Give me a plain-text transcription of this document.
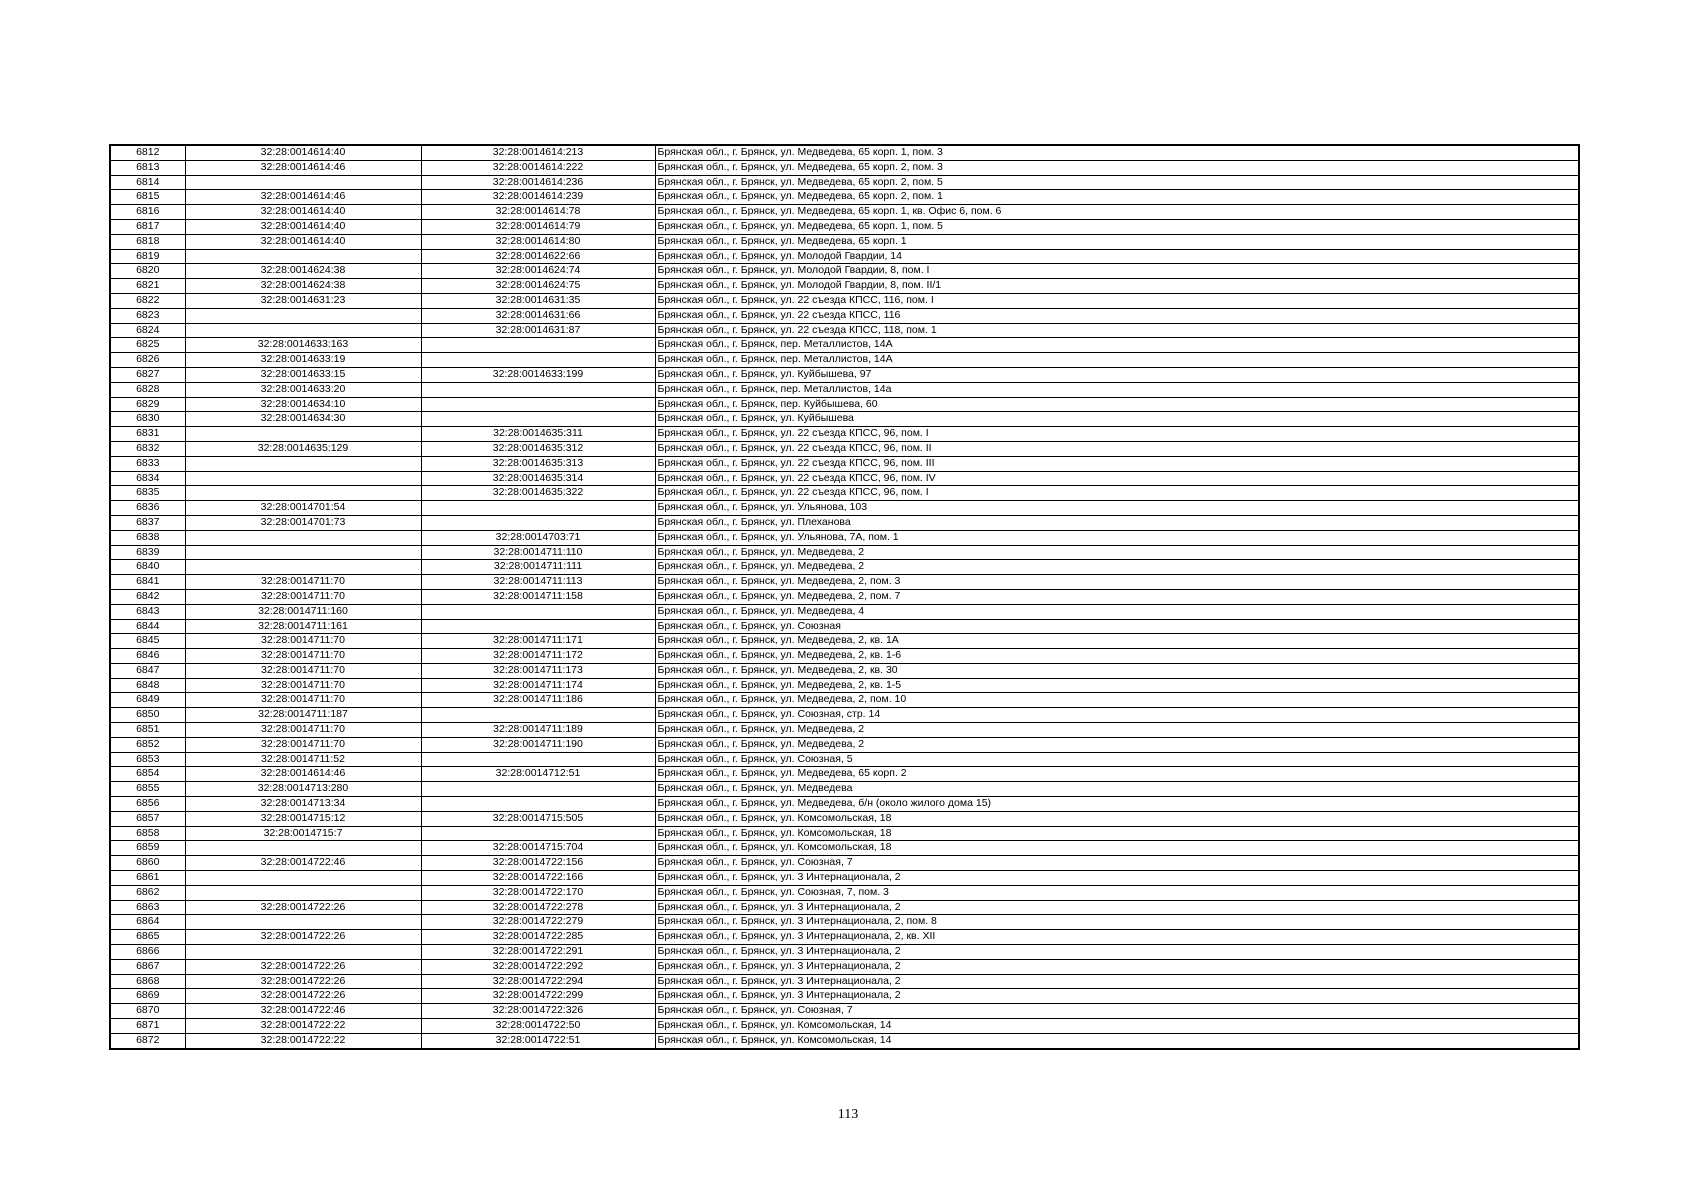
6812	32:28:0014614:40	32:28:0014614:213	Брянская обл., г. Брянск, ул. Медведева, 65 корп. 1, пом. 3
6813	32:28:0014614:46	32:28:0014614:222	Брянская обл., г. Брянск, ул. Медведева, 65 корп. 2, пом. 3
6814		32:28:0014614:236	Брянская обл., г. Брянск, ул. Медведева, 65 корп. 2, пом. 5
6815	32:28:0014614:46	32:28:0014614:239	Брянская обл., г. Брянск, ул. Медведева, 65 корп. 2, пом. 1
6816	32:28:0014614:40	32:28:0014614:78	Брянская обл., г. Брянск, ул. Медведева, 65 корп. 1, кв. Офис 6, пом. 6
6817	32:28:0014614:40	32:28:0014614:79	Брянская обл., г. Брянск, ул. Медведева, 65 корп. 1, пом. 5
6818	32:28:0014614:40	32:28:0014614:80	Брянская обл., г. Брянск, ул. Медведева, 65 корп. 1
6819		32:28:0014622:66	Брянская обл., г. Брянск, ул. Молодой Гвардии, 14
6820	32:28:0014624:38	32:28:0014624:74	Брянская обл., г. Брянск, ул. Молодой Гвардии, 8, пом. I
6821	32:28:0014624:38	32:28:0014624:75	Брянская обл., г. Брянск, ул. Молодой Гвардии, 8, пом. II/1
6822	32:28:0014631:23	32:28:0014631:35	Брянская обл., г. Брянск, ул. 22 съезда КПСС, 116, пом. I
6823		32:28:0014631:66	Брянская обл., г. Брянск, ул. 22 съезда КПСС, 116
6824		32:28:0014631:87	Брянская обл., г. Брянск, ул. 22 съезда КПСС, 118, пом. 1
6825	32:28:0014633:163		Брянская обл., г. Брянск, пер. Металлистов, 14А
6826	32:28:0014633:19		Брянская обл., г. Брянск, пер. Металлистов, 14А
6827	32:28:0014633:15	32:28:0014633:199	Брянская обл., г. Брянск, ул. Куйбышева, 97
6828	32:28:0014633:20		Брянская обл., г. Брянск, пер. Металлистов, 14а
6829	32:28:0014634:10		Брянская обл., г. Брянск, пер. Куйбышева, 60
6830	32:28:0014634:30		Брянская обл., г. Брянск, ул. Куйбышева
6831		32:28:0014635:311	Брянская обл., г. Брянск, ул. 22 съезда КПСС, 96, пом. I
6832	32:28:0014635:129	32:28:0014635:312	Брянская обл., г. Брянск, ул. 22 съезда КПСС, 96, пом. II
6833		32:28:0014635:313	Брянская обл., г. Брянск, ул. 22 съезда КПСС, 96, пом. III
6834		32:28:0014635:314	Брянская обл., г. Брянск, ул. 22 съезда КПСС, 96, пом. IV
6835		32:28:0014635:322	Брянская обл., г. Брянск, ул. 22 съезда КПСС, 96, пом. I
6836	32:28:0014701:54		Брянская обл., г. Брянск, ул. Ульянова, 103
6837	32:28:0014701:73		Брянская обл., г. Брянск, ул. Плеханова
6838		32:28:0014703:71	Брянская обл., г. Брянск, ул. Ульянова, 7А, пом. 1
6839		32:28:0014711:110	Брянская обл., г. Брянск, ул. Медведева, 2
6840		32:28:0014711:111	Брянская обл., г. Брянск, ул. Медведева, 2
6841	32:28:0014711:70	32:28:0014711:113	Брянская обл., г. Брянск, ул. Медведева, 2, пом. 3
6842	32:28:0014711:70	32:28:0014711:158	Брянская обл., г. Брянск, ул. Медведева, 2, пом. 7
6843	32:28:0014711:160		Брянская обл., г. Брянск, ул. Медведева, 4
6844	32:28:0014711:161		Брянская обл., г. Брянск, ул. Союзная
6845	32:28:0014711:70	32:28:0014711:171	Брянская обл., г. Брянск, ул. Медведева, 2, кв. 1А
6846	32:28:0014711:70	32:28:0014711:172	Брянская обл., г. Брянск, ул. Медведева, 2, кв. 1-6
6847	32:28:0014711:70	32:28:0014711:173	Брянская обл., г. Брянск, ул. Медведева, 2, кв. 30
6848	32:28:0014711:70	32:28:0014711:174	Брянская обл., г. Брянск, ул. Медведева, 2, кв. 1-5
6849	32:28:0014711:70	32:28:0014711:186	Брянская обл., г. Брянск, ул. Медведева, 2, пом. 10
6850	32:28:0014711:187		Брянская обл., г. Брянск, ул. Союзная, стр. 14
6851	32:28:0014711:70	32:28:0014711:189	Брянская обл., г. Брянск, ул. Медведева, 2
6852	32:28:0014711:70	32:28:0014711:190	Брянская обл., г. Брянск, ул. Медведева, 2
6853	32:28:0014711:52		Брянская обл., г. Брянск, ул. Союзная, 5
6854	32:28:0014614:46	32:28:0014712:51	Брянская обл., г. Брянск, ул. Медведева, 65 корп. 2
6855	32:28:0014713:280		Брянская обл., г. Брянск, ул. Медведева
6856	32:28:0014713:34		Брянская обл., г. Брянск, ул. Медведева, б/н (около жилого дома 15)
6857	32:28:0014715:12	32:28:0014715:505	Брянская обл., г. Брянск, ул. Комсомольская, 18
6858	32:28:0014715:7		Брянская обл., г. Брянск, ул. Комсомольская, 18
6859		32:28:0014715:704	Брянская обл., г. Брянск, ул. Комсомольская, 18
6860	32:28:0014722:46	32:28:0014722:156	Брянская обл., г. Брянск, ул. Союзная, 7
6861		32:28:0014722:166	Брянская обл., г. Брянск, ул. 3 Интернационала, 2
6862		32:28:0014722:170	Брянская обл., г. Брянск, ул. Союзная, 7, пом. 3
6863	32:28:0014722:26	32:28:0014722:278	Брянская обл., г. Брянск, ул. 3 Интернационала, 2
6864		32:28:0014722:279	Брянская обл., г. Брянск, ул. 3 Интернационала, 2, пом. 8
6865	32:28:0014722:26	32:28:0014722:285	Брянская обл., г. Брянск, ул. 3 Интернационала, 2, кв. XII
6866		32:28:0014722:291	Брянская обл., г. Брянск, ул. 3 Интернационала, 2
6867	32:28:0014722:26	32:28:0014722:292	Брянская обл., г. Брянск, ул. 3 Интернационала, 2
6868	32:28:0014722:26	32:28:0014722:294	Брянская обл., г. Брянск, ул. 3 Интернационала, 2
6869	32:28:0014722:26	32:28:0014722:299	Брянская обл., г. Брянск, ул. 3 Интернационала, 2
6870	32:28:0014722:46	32:28:0014722:326	Брянская обл., г. Брянск, ул. Союзная, 7
6871	32:28:0014722:22	32:28:0014722:50	Брянская обл., г. Брянск, ул. Комсомольская, 14
6872	32:28:0014722:22	32:28:0014722:51	Брянская обл., г. Брянск, ул. Комсомольская, 14
113
